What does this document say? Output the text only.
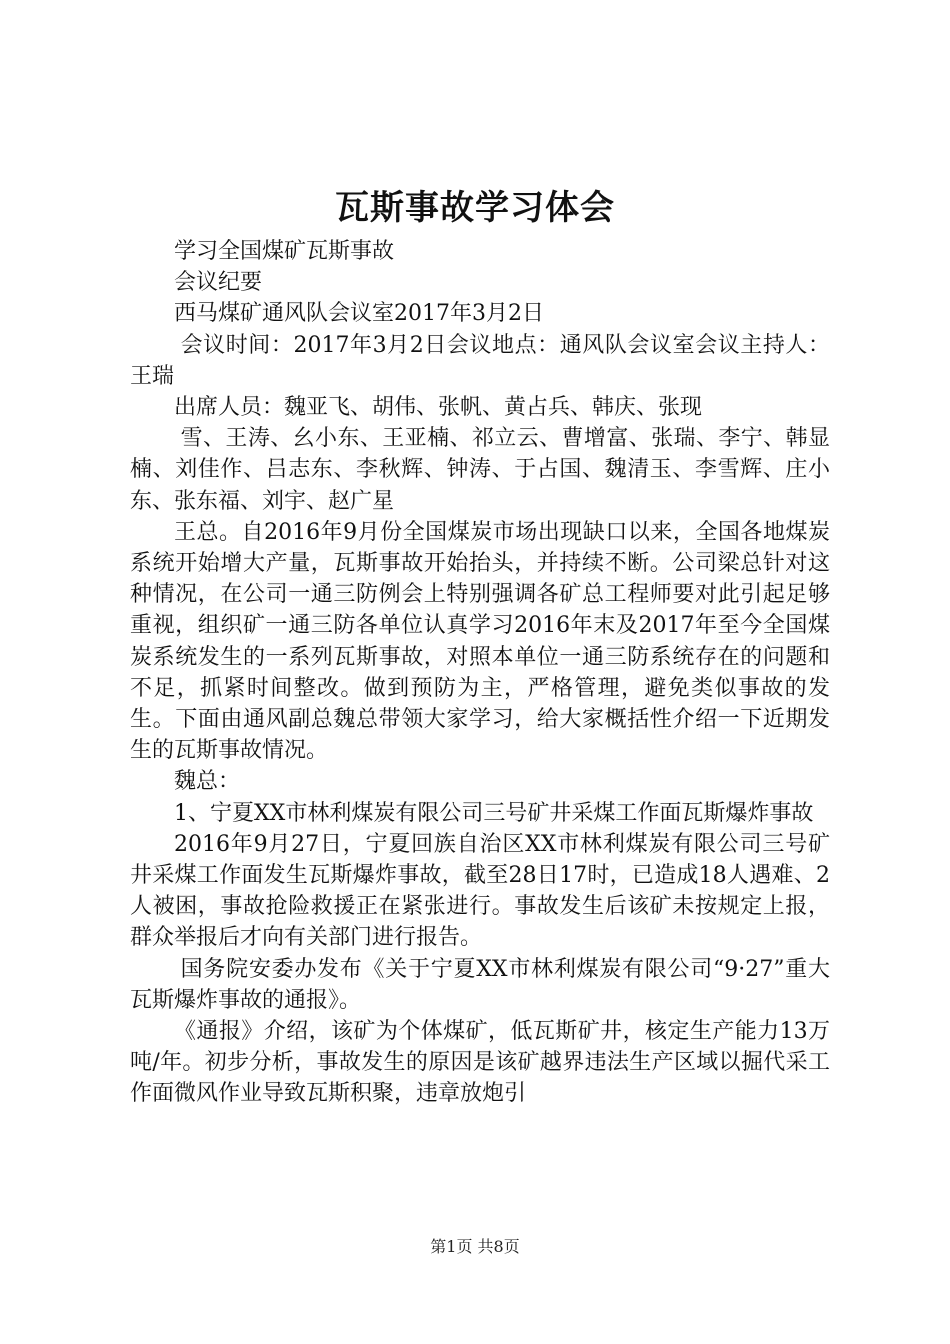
瓦斯事故学习体会

学习全国煤矿瓦斯事故

会议纪要

西马煤矿通风队会议室2017年3月2日

会议时间：2017年3月2日会议地点：通风队会议室会议主持人：王瑞

出席人员：魏亚飞、胡伟、张帆、黄占兵、韩庆、张现

雪、王涛、幺小东、王亚楠、祁立云、曹增富、张瑞、李宁、韩显楠、刘佳作、吕志东、李秋辉、钟涛、于占国、魏清玉、李雪辉、庄小东、张东福、刘宇、赵广星

王总。自2016年9月份全国煤炭市场出现缺口以来，全国各地煤炭系统开始增大产量，瓦斯事故开始抬头，并持续不断。公司梁总针对这种情况，在公司一通三防例会上特别强调各矿总工程师要对此引起足够重视，组织矿一通三防各单位认真学习2016年末及2017年至今全国煤炭系统发生的一系列瓦斯事故，对照本单位一通三防系统存在的问题和不足，抓紧时间整改。做到预防为主，严格管理，避免类似事故的发生。下面由通风副总魏总带领大家学习，给大家概括性介绍一下近期发生的瓦斯事故情况。

魏总：

1、宁夏XX市林利煤炭有限公司三号矿井采煤工作面瓦斯爆炸事故

2016年9月27日，宁夏回族自治区XX市林利煤炭有限公司三号矿井采煤工作面发生瓦斯爆炸事故，截至28日17时，已造成18人遇难、2人被困，事故抢险救援正在紧张进行。事故发生后该矿未按规定上报，群众举报后才向有关部门进行报告。

国务院安委办发布《关于宁夏XX市林利煤炭有限公司“9·27”重大瓦斯爆炸事故的通报》。

《通报》介绍，该矿为个体煤矿，低瓦斯矿井，核定生产能力13万吨/年。初步分析，事故发生的原因是该矿越界违法生产区域以掘代采工作面微风作业导致瓦斯积聚，违章放炮引

第1页 共8页
